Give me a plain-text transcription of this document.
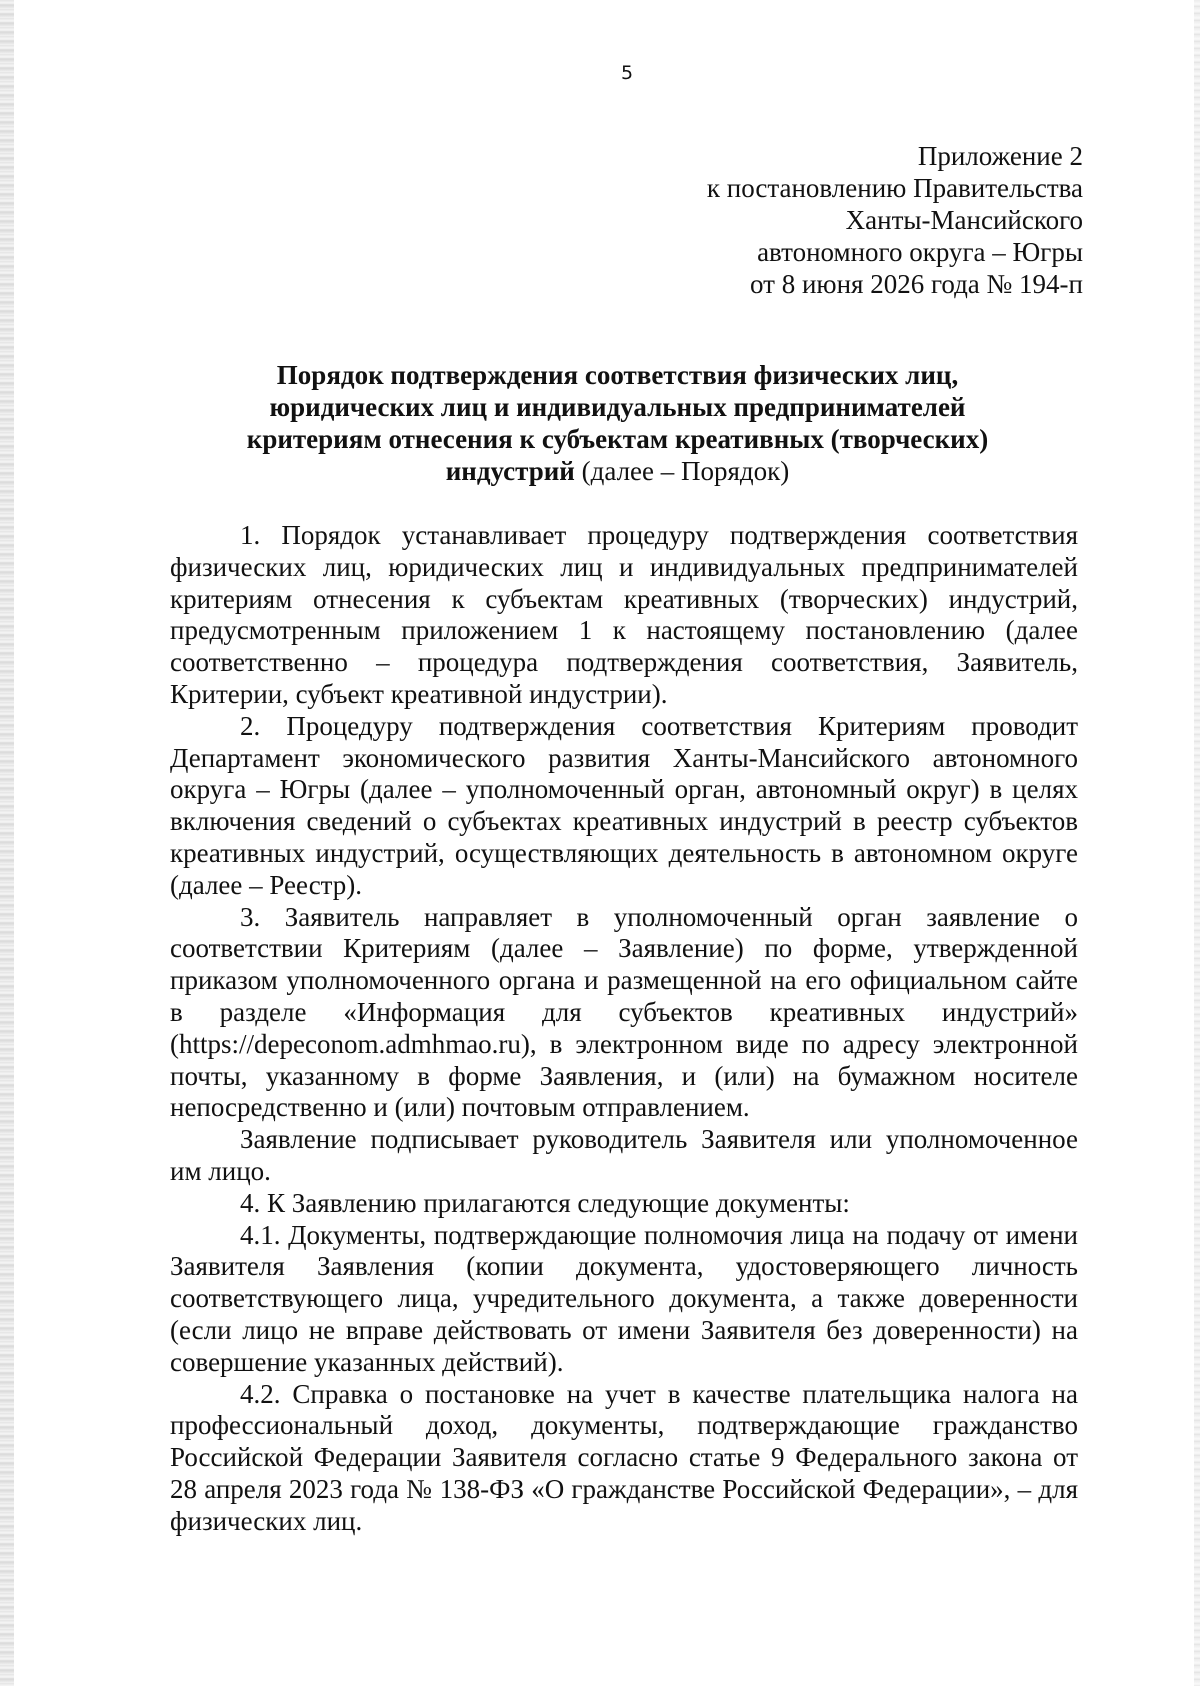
5
Приложение 2
к постановлению Правительства
Ханты-Мансийского
автономного округа – Югры
от 8 июня 2026 года № 194-п
Порядок подтверждения соответствия физических лиц,
юридических лиц и индивидуальных предпринимателей
критериям отнесения к субъектам креативных (творческих)
индустрий (далее – Порядок)

1. Порядок устанавливает процедуру подтверждения соответствия физических лиц, юридических лиц и индивидуальных предпринимателей критериям отнесения к субъектам креативных (творческих) индустрий, предусмотренным приложением 1 к настоящему постановлению (далее соответственно – процедура подтверждения соответствия, Заявитель, Критерии, субъект креативной индустрии).

2. Процедуру подтверждения соответствия Критериям проводит Департамент экономического развития Ханты-Мансийского автономного округа – Югры (далее – уполномоченный орган, автономный округ) в целях включения сведений о субъектах креативных индустрий в реестр субъектов креативных индустрий, осуществляющих деятельность в автономном округе (далее – Реестр).

3. Заявитель направляет в уполномоченный орган заявление о соответствии Критериям (далее – Заявление) по форме, утвержденной приказом уполномоченного органа и размещенной на его официальном сайте в разделе «Информация для субъектов креативных индустрий» (https://depeconom.admhmao.ru), в электронном виде по адресу электронной почты, указанному в форме Заявления, и (или) на бумажном носителе непосредственно и (или) почтовым отправлением.

Заявление подписывает руководитель Заявителя или уполномоченное им лицо.

4. К Заявлению прилагаются следующие документы:

4.1. Документы, подтверждающие полномочия лица на подачу от имени Заявителя Заявления (копии документа, удостоверяющего личность соответствующего лица, учредительного документа, а также доверенности (если лицо не вправе действовать от имени Заявителя без доверенности) на совершение указанных действий).

4.2. Справка о постановке на учет в качестве плательщика налога на профессиональный доход, документы, подтверждающие гражданство Российской Федерации Заявителя согласно статье 9 Федерального закона от 28 апреля 2023 года № 138-ФЗ «О гражданстве Российской Федерации», – для физических лиц.
